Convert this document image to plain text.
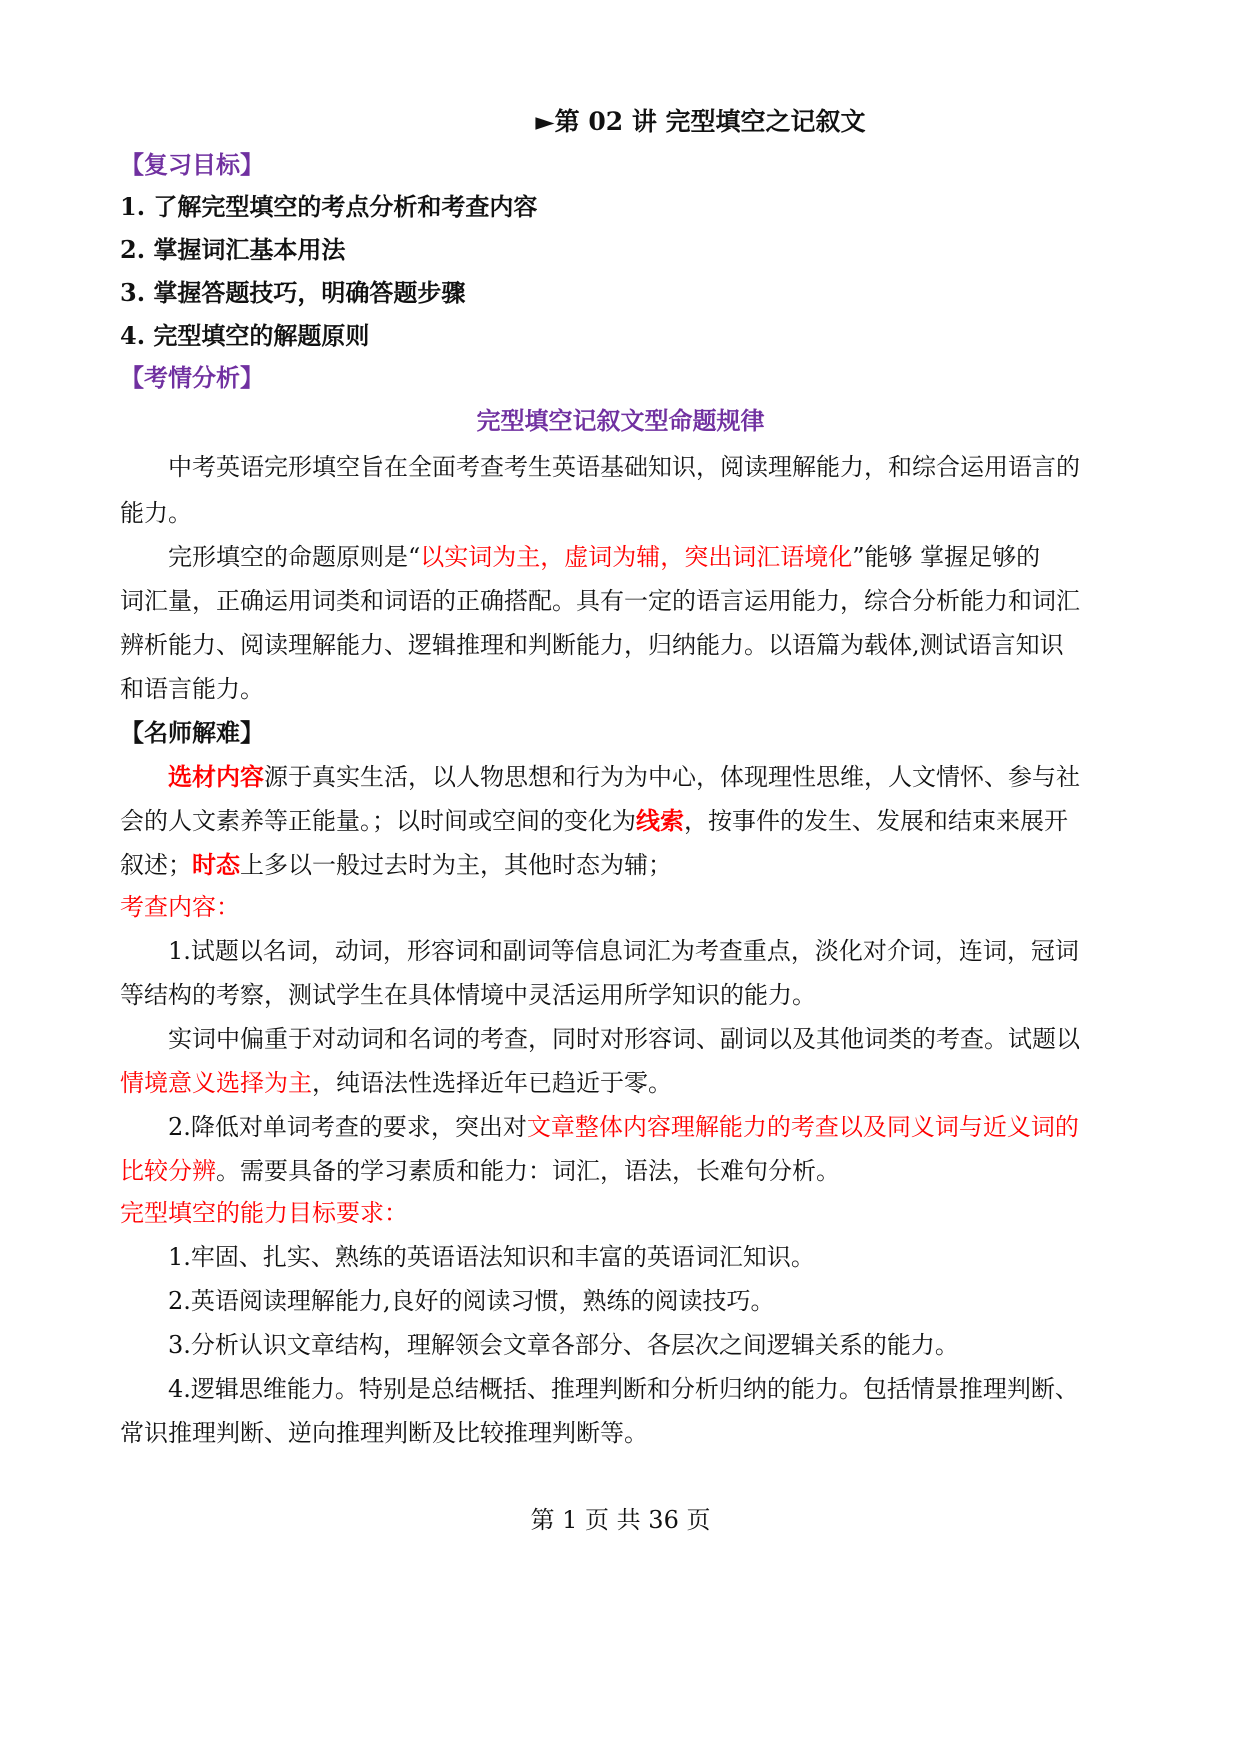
►第 02 讲 完型填空之记叙文
【复习目标】
1. 了解完型填空的考点分析和考查内容
2. 掌握词汇基本用法
3. 掌握答题技巧，明确答题步骤
4. 完型填空的解题原则
【考情分析】
完型填空记叙文型命题规律
中考英语完形填空旨在全面考查考生英语基础知识，阅读理解能力，和综合运用语言的
能力。
完形填空的命题原则是“以实词为主，虚词为辅，突出词汇语境化”能够 掌握足够的
词汇量，正确运用词类和词语的正确搭配。具有一定的语言运用能力，综合分析能力和词汇
辨析能力、阅读理解能力、逻辑推理和判断能力，归纳能力。以语篇为载体,测试语言知识
和语言能力。
【名师解难】
选材内容源于真实生活，以人物思想和行为为中心，体现理性思维，人文情怀、参与社
会的人文素养等正能量。；以时间或空间的变化为线索，按事件的发生、发展和结束来展开
叙述；时态上多以一般过去时为主，其他时态为辅；
考查内容：
1.试题以名词，动词，形容词和副词等信息词汇为考查重点，淡化对介词，连词，冠词
等结构的考察，测试学生在具体情境中灵活运用所学知识的能力。
实词中偏重于对动词和名词的考查，同时对形容词、副词以及其他词类的考查。试题以
情境意义选择为主，纯语法性选择近年已趋近于零。
2.降低对单词考查的要求，突出对文章整体内容理解能力的考查以及同义词与近义词的
比较分辨。需要具备的学习素质和能力：词汇，语法，长难句分析。
完型填空的能力目标要求：
1.牢固、扎实、熟练的英语语法知识和丰富的英语词汇知识。
2.英语阅读理解能力,良好的阅读习惯，熟练的阅读技巧。
3.分析认识文章结构，理解领会文章各部分、各层次之间逻辑关系的能力。
4.逻辑思维能力。特别是总结概括、推理判断和分析归纳的能力。包括情景推理判断、
常识推理判断、逆向推理判断及比较推理判断等。
第 1 页 共 36 页
